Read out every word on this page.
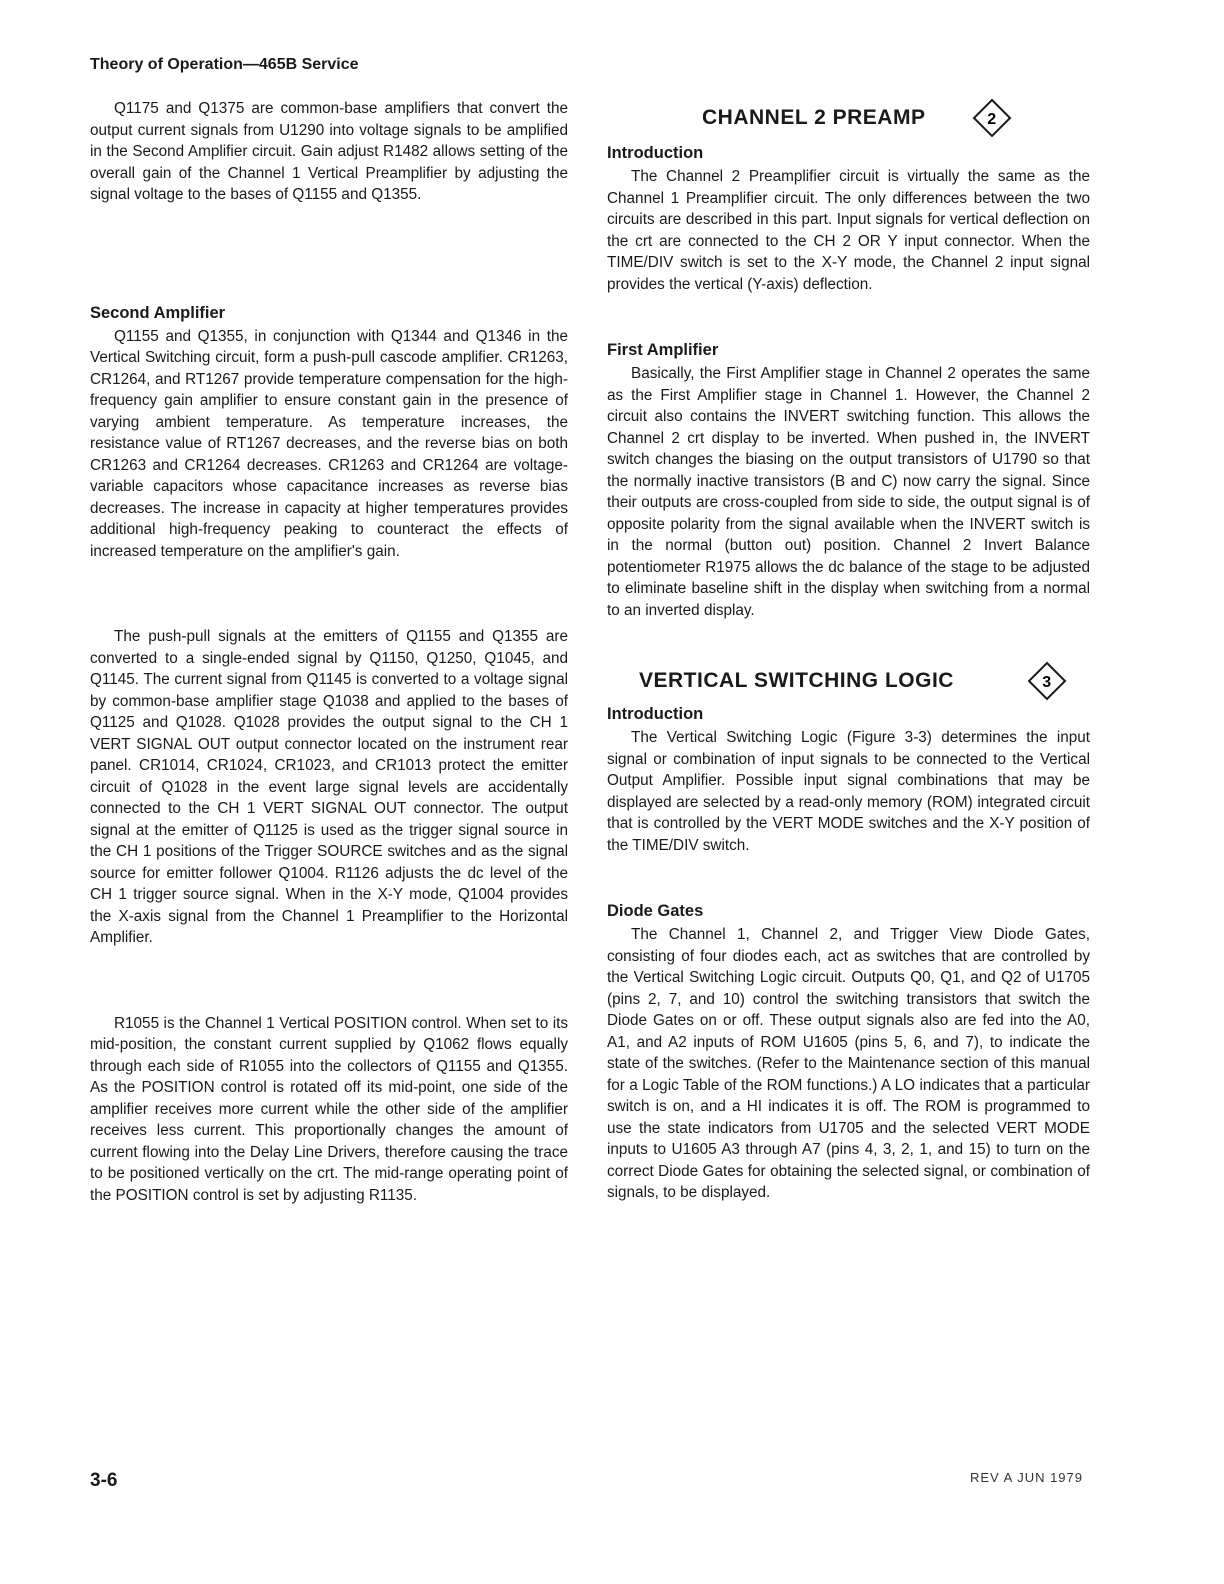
Theory of Operation—465B Service

Q1175 and Q1375 are common-base amplifiers that convert the output current signals from U1290 into voltage signals to be amplified in the Second Amplifier circuit. Gain adjust R1482 allows setting of the overall gain of the Channel 1 Vertical Preamplifier by adjusting the signal voltage to the bases of Q1155 and Q1355.

Second Amplifier

Q1155 and Q1355, in conjunction with Q1344 and Q1346 in the Vertical Switching circuit, form a push-pull cascode amplifier. CR1263, CR1264, and RT1267 provide temperature compensation for the high-frequency gain amplifier to ensure constant gain in the presence of varying ambient temperature. As temperature increases, the resistance value of RT1267 decreases, and the reverse bias on both CR1263 and CR1264 decreases. CR1263 and CR1264 are voltage-variable capacitors whose capacitance increases as reverse bias decreases. The increase in capacity at higher temperatures provides additional high-frequency peaking to counteract the effects of increased temperature on the amplifier's gain.

The push-pull signals at the emitters of Q1155 and Q1355 are converted to a single-ended signal by Q1150, Q1250, Q1045, and Q1145. The current signal from Q1145 is converted to a voltage signal by common-base amplifier stage Q1038 and applied to the bases of Q1125 and Q1028. Q1028 provides the output signal to the CH 1 VERT SIGNAL OUT output connector located on the instrument rear panel. CR1014, CR1024, CR1023, and CR1013 protect the emitter circuit of Q1028 in the event large signal levels are accidentally connected to the CH 1 VERT SIGNAL OUT connector. The output signal at the emitter of Q1125 is used as the trigger signal source in the CH 1 positions of the Trigger SOURCE switches and as the signal source for emitter follower Q1004. R1126 adjusts the dc level of the CH 1 trigger source signal. When in the X-Y mode, Q1004 provides the X-axis signal from the Channel 1 Preamplifier to the Horizontal Amplifier.

R1055 is the Channel 1 Vertical POSITION control. When set to its mid-position, the constant current supplied by Q1062 flows equally through each side of R1055 into the collectors of Q1155 and Q1355. As the POSITION control is rotated off its mid-point, one side of the amplifier receives more current while the other side of the amplifier receives less current. This proportionally changes the amount of current flowing into the Delay Line Drivers, therefore causing the trace to be positioned vertically on the crt. The mid-range operating point of the POSITION control is set by adjusting R1135.

CHANNEL 2 PREAMP	2
Introduction

The Channel 2 Preamplifier circuit is virtually the same as the Channel 1 Preamplifier circuit. The only differences between the two circuits are described in this part. Input signals for vertical deflection on the crt are connected to the CH 2 OR Y input connector. When the TIME/DIV switch is set to the X-Y mode, the Channel 2 input signal provides the vertical (Y-axis) deflection.

First Amplifier

Basically, the First Amplifier stage in Channel 2 operates the same as the First Amplifier stage in Channel 1. However, the Channel 2 circuit also contains the INVERT switching function. This allows the Channel 2 crt display to be inverted. When pushed in, the INVERT switch changes the biasing on the output transistors of U1790 so that the normally inactive transistors (B and C) now carry the signal. Since their outputs are cross-coupled from side to side, the output signal is of opposite polarity from the signal available when the INVERT switch is in the normal (button out) position. Channel 2 Invert Balance potentiometer R1975 allows the dc balance of the stage to be adjusted to eliminate baseline shift in the display when switching from a normal to an inverted display.

VERTICAL SWITCHING LOGIC	3
Introduction

The Vertical Switching Logic (Figure 3-3) determines the input signal or combination of input signals to be connected to the Vertical Output Amplifier. Possible input signal combinations that may be displayed are selected by a read-only memory (ROM) integrated circuit that is controlled by the VERT MODE switches and the X-Y position of the TIME/DIV switch.

Diode Gates

The Channel 1, Channel 2, and Trigger View Diode Gates, consisting of four diodes each, act as switches that are controlled by the Vertical Switching Logic circuit. Outputs Q0, Q1, and Q2 of U1705 (pins 2, 7, and 10) control the switching transistors that switch the Diode Gates on or off. These output signals also are fed into the A0, A1, and A2 inputs of ROM U1605 (pins 5, 6, and 7), to indicate the state of the switches. (Refer to the Maintenance section of this manual for a Logic Table of the ROM functions.) A LO indicates that a particular switch is on, and a HI indicates it is off. The ROM is programmed to use the state indicators from U1705 and the selected VERT MODE inputs to U1605 A3 through A7 (pins 4, 3, 2, 1, and 15) to turn on the correct Diode Gates for obtaining the selected signal, or combination of signals, to be displayed.

3-6	REV A JUN 1979
